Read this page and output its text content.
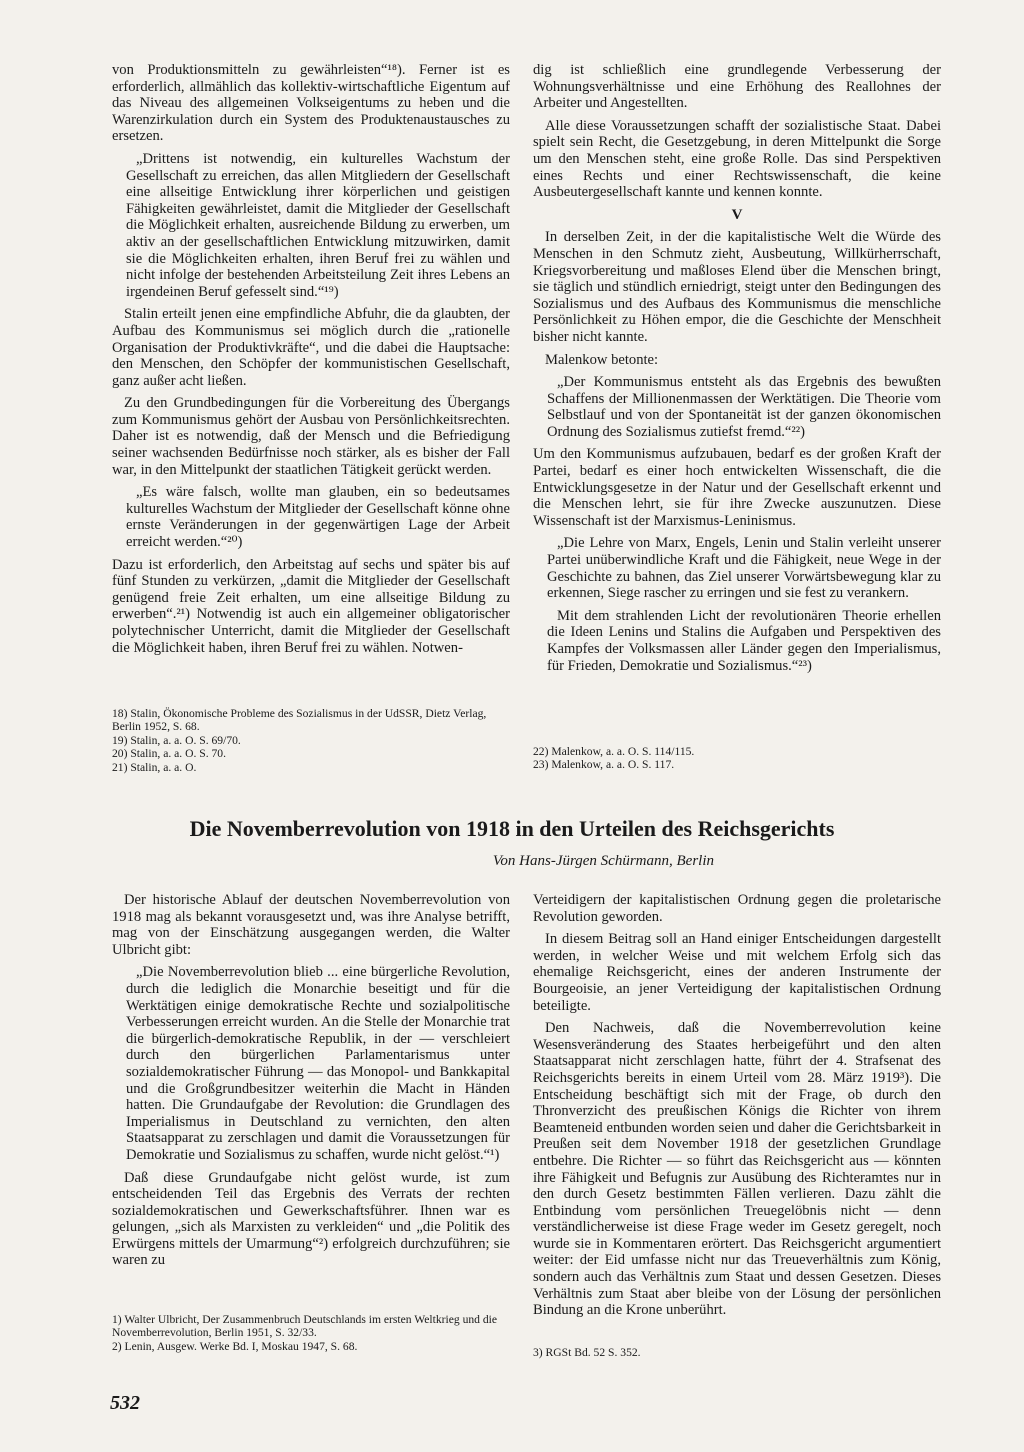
von Produktionsmitteln zu gewährleisten“¹⁸). Ferner ist es erforderlich, allmählich das kollektiv-wirtschaftliche Eigentum auf das Niveau des allgemeinen Volkseigentums zu heben und die Warenzirkulation durch ein System des Produktenaustausches zu ersetzen.

„Drittens ist notwendig, ein kulturelles Wachstum der Gesellschaft zu erreichen, das allen Mitgliedern der Gesellschaft eine allseitige Entwicklung ihrer körperlichen und geistigen Fähigkeiten gewährleistet, damit die Mitglieder der Gesellschaft die Möglichkeit erhalten, ausreichende Bildung zu erwerben, um aktiv an der gesellschaftlichen Entwicklung mitzuwirken, damit sie die Möglichkeiten erhalten, ihren Beruf frei zu wählen und nicht infolge der bestehenden Arbeitsteilung Zeit ihres Lebens an irgendeinen Beruf gefesselt sind.“¹⁹)

Stalin erteilt jenen eine empfindliche Abfuhr, die da glaubten, der Aufbau des Kommunismus sei möglich durch die „rationelle Organisation der Produktivkräfte“, und die dabei die Hauptsache: den Menschen, den Schöpfer der kommunistischen Gesellschaft, ganz außer acht ließen.

Zu den Grundbedingungen für die Vorbereitung des Übergangs zum Kommunismus gehört der Ausbau von Persönlichkeitsrechten. Daher ist es notwendig, daß der Mensch und die Befriedigung seiner wachsenden Bedürfnisse noch stärker, als es bisher der Fall war, in den Mittelpunkt der staatlichen Tätigkeit gerückt werden.

„Es wäre falsch, wollte man glauben, ein so bedeutsames kulturelles Wachstum der Mitglieder der Gesellschaft könne ohne ernste Veränderungen in der gegenwärtigen Lage der Arbeit erreicht werden.“²⁰)

Dazu ist erforderlich, den Arbeitstag auf sechs und später bis auf fünf Stunden zu verkürzen, „damit die Mitglieder der Gesellschaft genügend freie Zeit erhalten, um eine allseitige Bildung zu erwerben“.²¹) Notwendig ist auch ein allgemeiner obligatorischer polytechnischer Unterricht, damit die Mitglieder der Gesellschaft die Möglichkeit haben, ihren Beruf frei zu wählen. Notwen-

18) Stalin, Ökonomische Probleme des Sozialismus in der UdSSR, Dietz Verlag, Berlin 1952, S. 68.
19) Stalin, a. a. O. S. 69/70.
20) Stalin, a. a. O. S. 70.
21) Stalin, a. a. O.

dig ist schließlich eine grundlegende Verbesserung der Wohnungsverhältnisse und eine Erhöhung des Reallohnes der Arbeiter und Angestellten.

Alle diese Voraussetzungen schafft der sozialistische Staat. Dabei spielt sein Recht, die Gesetzgebung, in deren Mittelpunkt die Sorge um den Menschen steht, eine große Rolle. Das sind Perspektiven eines Rechts und einer Rechtswissenschaft, die keine Ausbeutergesellschaft kannte und kennen konnte.

V

In derselben Zeit, in der die kapitalistische Welt die Würde des Menschen in den Schmutz zieht, Ausbeutung, Willkürherrschaft, Kriegsvorbereitung und maßloses Elend über die Menschen bringt, sie täglich und stündlich erniedrigt, steigt unter den Bedingungen des Sozialismus und des Aufbaus des Kommunismus die menschliche Persönlichkeit zu Höhen empor, die die Geschichte der Menschheit bisher nicht kannte.

Malenkow betonte:

„Der Kommunismus entsteht als das Ergebnis des bewußten Schaffens der Millionenmassen der Werktätigen. Die Theorie vom Selbstlauf und von der Spontaneität ist der ganzen ökonomischen Ordnung des Sozialismus zutiefst fremd.“²²)

Um den Kommunismus aufzubauen, bedarf es der großen Kraft der Partei, bedarf es einer hoch entwickelten Wissenschaft, die die Entwicklungsgesetze in der Natur und der Gesellschaft erkennt und die Menschen lehrt, sie für ihre Zwecke auszunutzen. Diese Wissenschaft ist der Marxismus-Leninismus.

„Die Lehre von Marx, Engels, Lenin und Stalin verleiht unserer Partei unüberwindliche Kraft und die Fähigkeit, neue Wege in der Geschichte zu bahnen, das Ziel unserer Vorwärtsbewegung klar zu erkennen, Siege rascher zu erringen und sie fest zu verankern.

Mit dem strahlenden Licht der revolutionären Theorie erhellen die Ideen Lenins und Stalins die Aufgaben und Perspektiven des Kampfes der Volksmassen aller Länder gegen den Imperialismus, für Frieden, Demokratie und Sozialismus.“²³)

22) Malenkow, a. a. O. S. 114/115.
23) Malenkow, a. a. O. S. 117.
Die Novemberrevolution von 1918 in den Urteilen des Reichsgerichts
Von Hans-Jürgen Schürmann, Berlin

Der historische Ablauf der deutschen Novemberrevolution von 1918 mag als bekannt vorausgesetzt und, was ihre Analyse betrifft, mag von der Einschätzung ausgegangen werden, die Walter Ulbricht gibt:

„Die Novemberrevolution blieb ... eine bürgerliche Revolution, durch die lediglich die Monarchie beseitigt und für die Werktätigen einige demokratische Rechte und sozialpolitische Verbesserungen erreicht wurden. An die Stelle der Monarchie trat die bürgerlich-demokratische Republik, in der — verschleiert durch den bürgerlichen Parlamentarismus unter sozialdemokratischer Führung — das Monopol- und Bankkapital und die Großgrundbesitzer weiterhin die Macht in Händen hatten. Die Grundaufgabe der Revolution: die Grundlagen des Imperialismus in Deutschland zu vernichten, den alten Staatsapparat zu zerschlagen und damit die Voraussetzungen für Demokratie und Sozialismus zu schaffen, wurde nicht gelöst.“¹)

Daß diese Grundaufgabe nicht gelöst wurde, ist zum entscheidenden Teil das Ergebnis des Verrats der rechten sozialdemokratischen und Gewerkschaftsführer. Ihnen war es gelungen, „sich als Marxisten zu verkleiden“ und „die Politik des Erwürgens mittels der Umarmung“²) erfolgreich durchzuführen; sie waren zu

1) Walter Ulbricht, Der Zusammenbruch Deutschlands im ersten Weltkrieg und die Novemberrevolution, Berlin 1951, S. 32/33.
2) Lenin, Ausgew. Werke Bd. I, Moskau 1947, S. 68.

Verteidigern der kapitalistischen Ordnung gegen die proletarische Revolution geworden.

In diesem Beitrag soll an Hand einiger Entscheidungen dargestellt werden, in welcher Weise und mit welchem Erfolg sich das ehemalige Reichsgericht, eines der anderen Instrumente der Bourgeoisie, an jener Verteidigung der kapitalistischen Ordnung beteiligte.

Den Nachweis, daß die Novemberrevolution keine Wesensveränderung des Staates herbeigeführt und den alten Staatsapparat nicht zerschlagen hatte, führt der 4. Strafsenat des Reichsgerichts bereits in einem Urteil vom 28. März 1919³). Die Entscheidung beschäftigt sich mit der Frage, ob durch den Thronverzicht des preußischen Königs die Richter von ihrem Beamteneid entbunden worden seien und daher die Gerichtsbarkeit in Preußen seit dem November 1918 der gesetzlichen Grundlage entbehre. Die Richter — so führt das Reichsgericht aus — könnten ihre Fähigkeit und Befugnis zur Ausübung des Richteramtes nur in den durch Gesetz bestimmten Fällen verlieren. Dazu zählt die Entbindung vom persönlichen Treuegelöbnis nicht — denn verständlicherweise ist diese Frage weder im Gesetz geregelt, noch wurde sie in Kommentaren erörtert. Das Reichsgericht argumentiert weiter: der Eid umfasse nicht nur das Treueverhältnis zum König, sondern auch das Verhältnis zum Staat und dessen Gesetzen. Dieses Verhältnis zum Staat aber bleibe von der Lösung der persönlichen Bindung an die Krone unberührt.

3) RGSt Bd. 52 S. 352.
532
